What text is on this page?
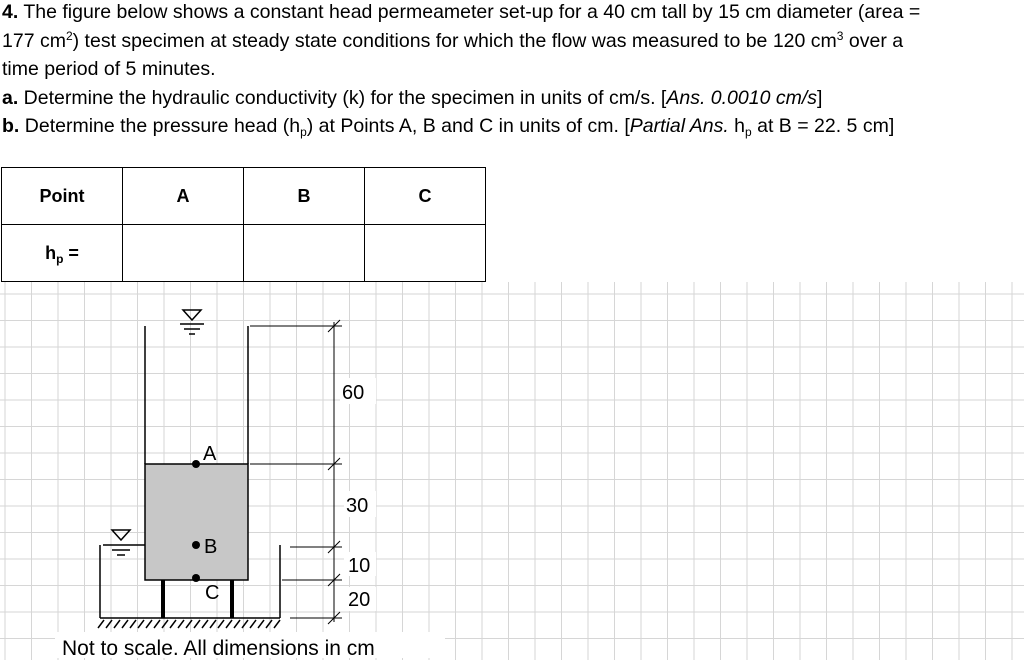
4. The figure below shows a constant head permeameter set-up for a 40 cm tall by 15 cm diameter (area =
177 $cm^2$) test specimen at steady state conditions for which the flow was measured to be 120 $cm^3$ over a
time period of 5 minutes.

a. Determine the hydraulic conductivity (k) for the specimen in units of cm/s. [Ans. 0.0010 cm/s]

b. Determine the pressure head $(h_p)$ at Points A, B and C in units of cm. [Partial Ans. $h_p$ at B = 22. 5 cm]

Point	A	B	C
$h_p$ =			
60
30
10
20
A
B
C
Not to scale. All dimensions in cm
